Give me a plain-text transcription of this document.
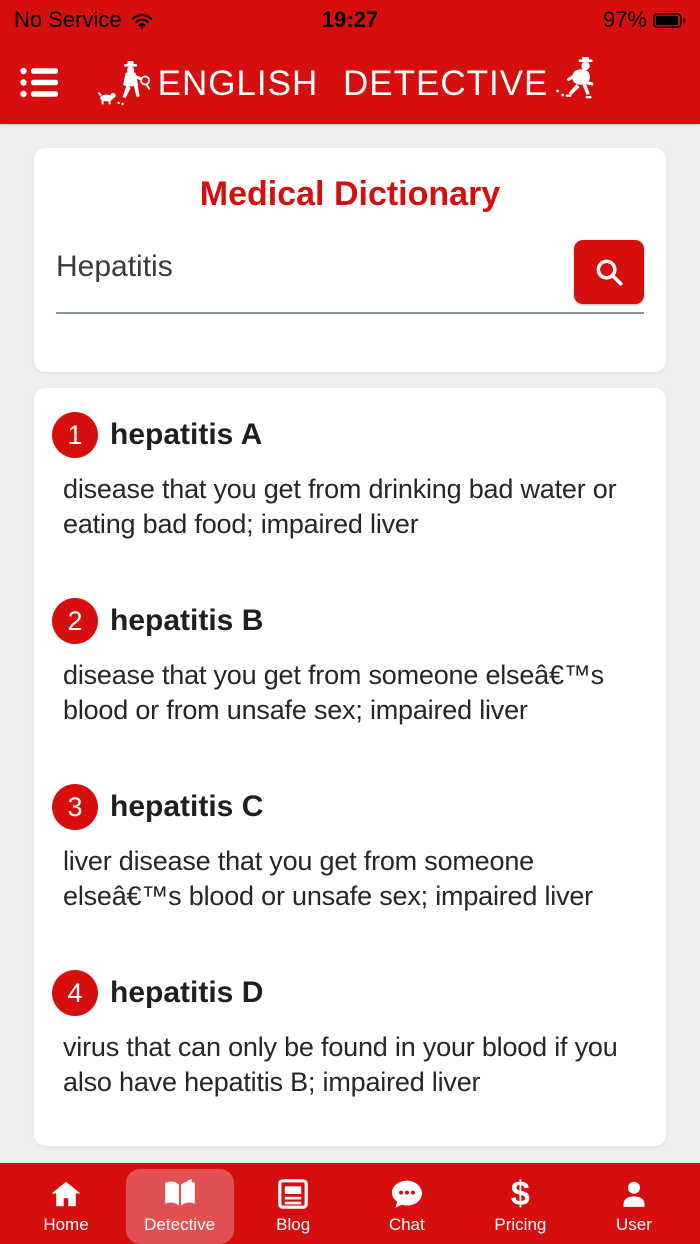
No Service	19:27	97%
ENGLISH DETECTIVE
Medical Dictionary
Hepatitis
1 hepatitis A

disease that you get from drinking bad water or eating bad food; impaired liver

2 hepatitis B

disease that you get from someone elseâ€™s blood or from unsafe sex; impaired liver

3 hepatitis C

liver disease that you get from someone elseâ€™s blood or unsafe sex; impaired liver

4 hepatitis D

virus that can only be found in your blood if you also have hepatitis B; impaired liver

Home	Detective	Blog	Chat
$
Pricing	User
